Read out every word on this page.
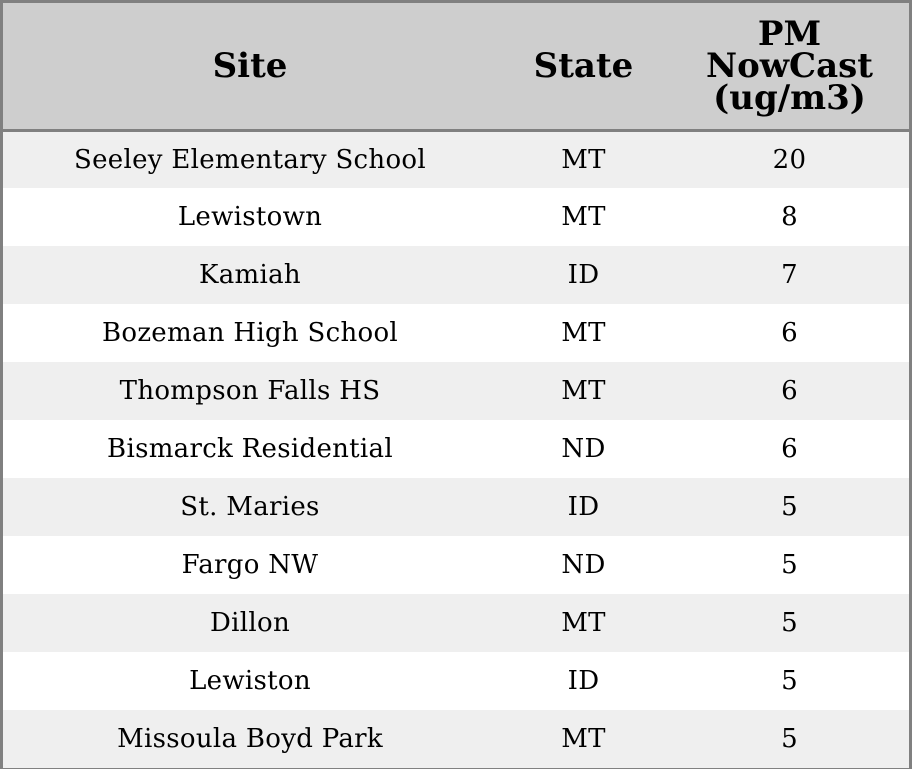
Site	State	PM
NowCast
(ug/m3)

Seeley Elementary School	MT	20
Lewistown	MT	8
Kamiah	ID	7
Bozeman High School	MT	6
Thompson Falls HS	MT	6
Bismarck Residential	ND	6
St. Maries	ID	5
Fargo NW	ND	5
Dillon	MT	5
Lewiston	ID	5
Missoula Boyd Park	MT	5
